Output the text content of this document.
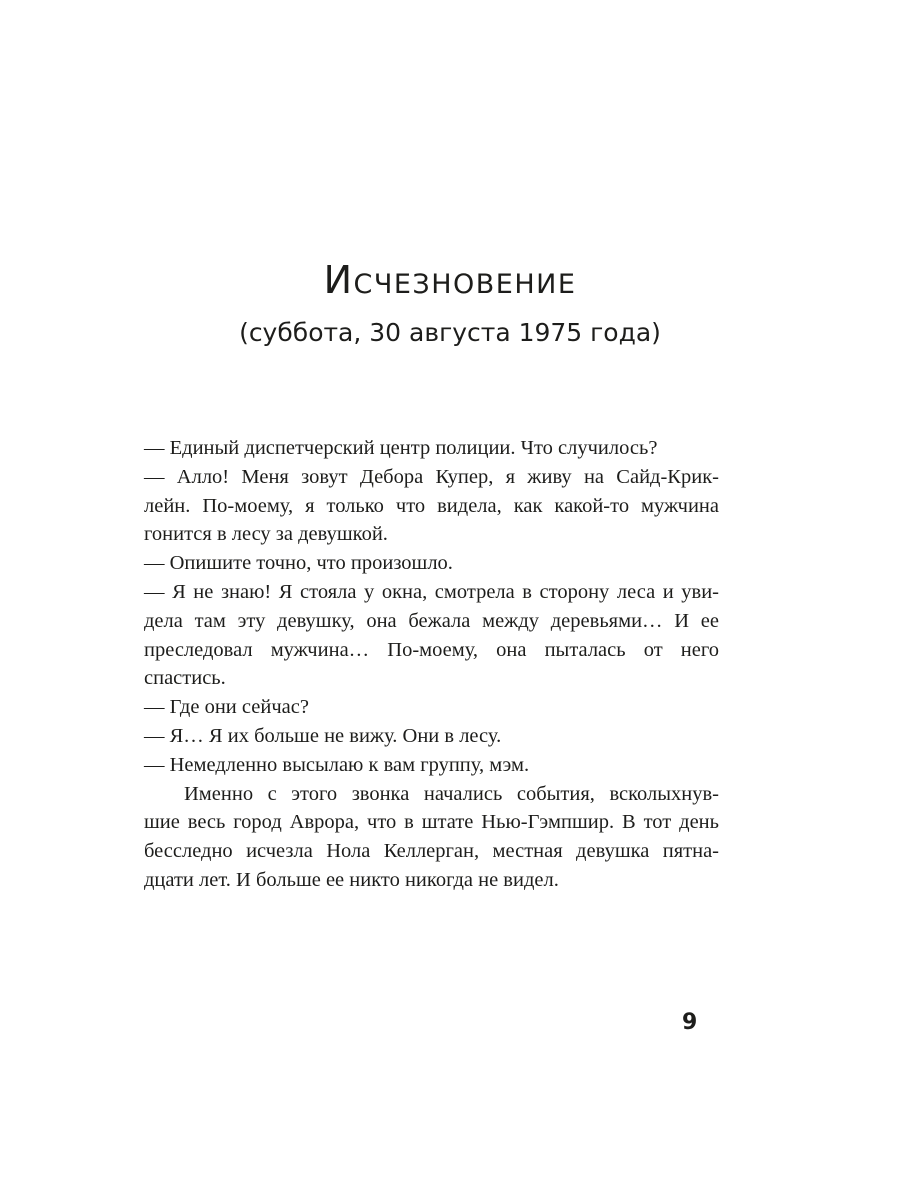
Исчезновение
(суббота, 30 августа 1975 года)
— Единый диспетчерский центр полиции. Что случилось?
— Алло! Меня зовут Дебора Купер, я живу на Сайд-Крик-
лейн. По-моему, я только что видела, как какой-то мужчина
гонится в лесу за девушкой.
— Опишите точно, что произошло.
— Я не знаю! Я стояла у окна, смотрела в сторону леса и уви-
дела там эту девушку, она бежала между деревьями… И ее
преследовал мужчина… По-моему, она пыталась от него
спастись.
— Где они сейчас?
— Я… Я их больше не вижу. Они в лесу.
— Немедленно высылаю к вам группу, мэм.
Именно с этого звонка начались события, всколыхнув-
шие весь город Аврора, что в штате Нью-Гэмпшир. В тот день
бесследно исчезла Нола Келлерган, местная девушка пятна-
дцати лет. И больше ее никто никогда не видел.
9
